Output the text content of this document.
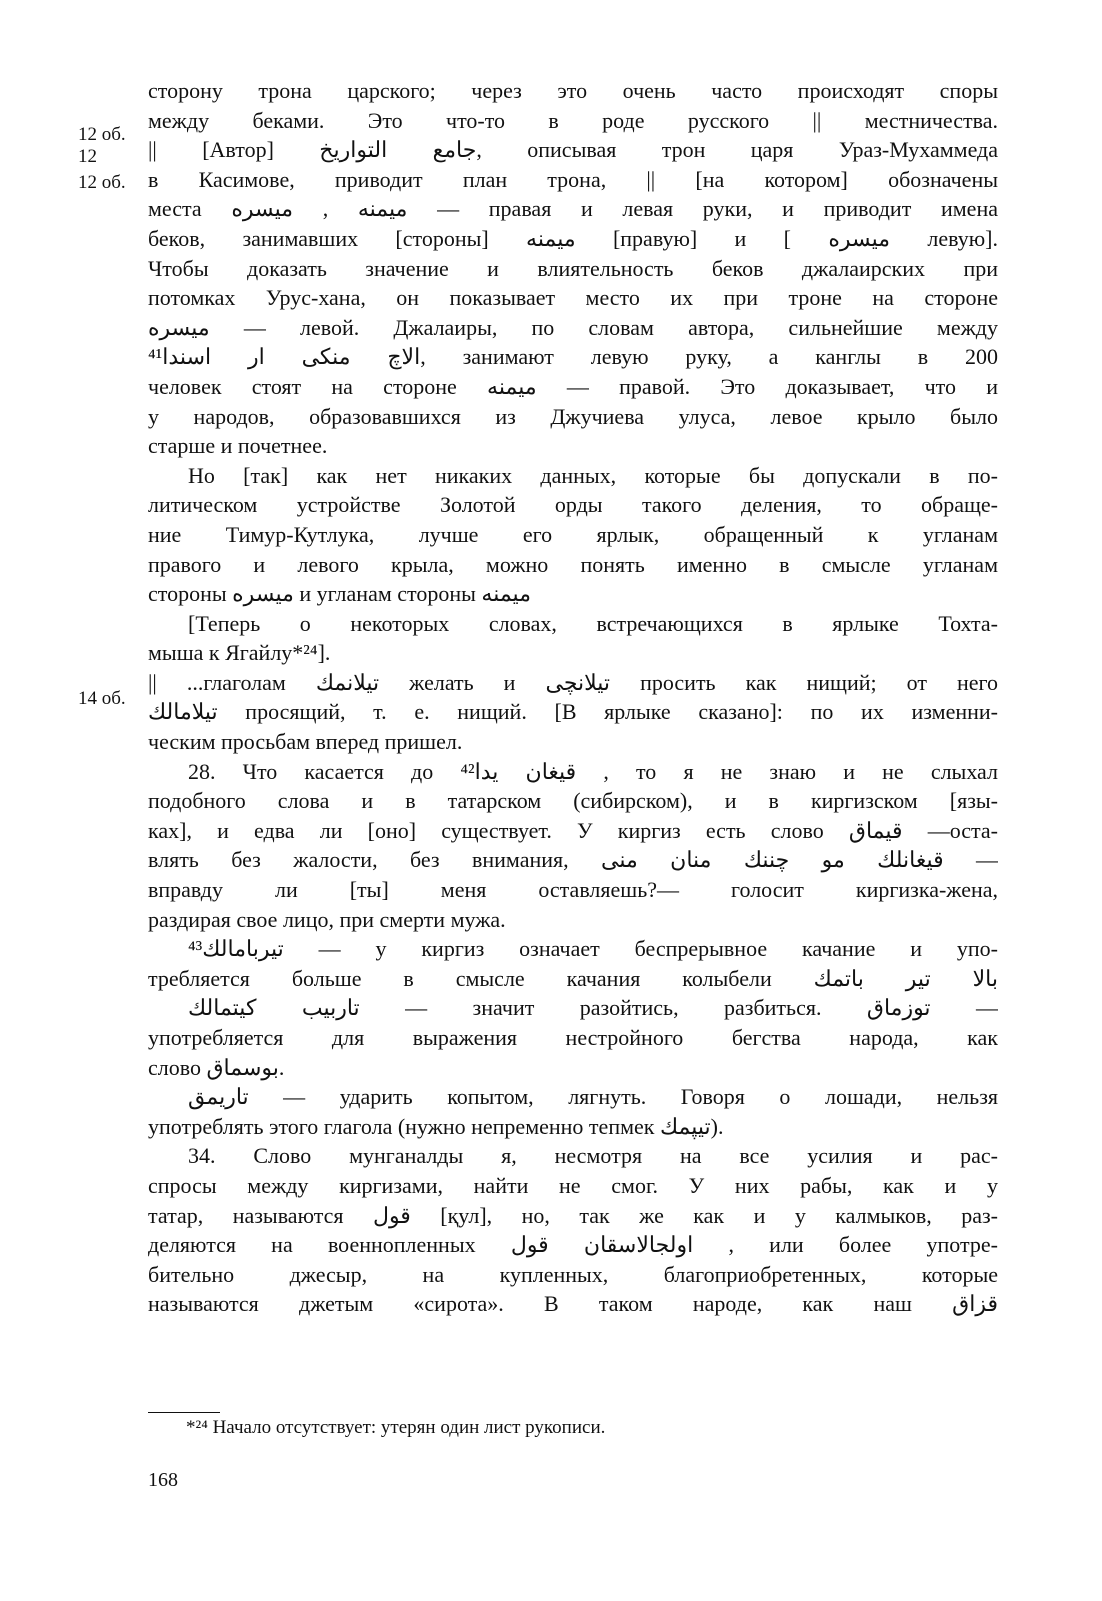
12 об.
12
12 об.
14 об.
сторону трона царского; через это очень часто происходят споры
между беками. Это что-то в роде русского || местничества.
|| [Автор] جامع التواریخ, описывая трон царя Ураз-Мухаммеда
в Касимове, приводит план трона, || [на котором] обозначены
места میمنه , میسره — правая и левая руки, и приводит имена
беков, занимавших [стороны] میمنه [правую] и [ میسره левую].
Чтобы доказать значение и влиятельность беков джалаирских при
потомках Урус-хана, он показывает место их при троне на стороне
میسره — левой. Джалаиры, по словам автора, сильнейшие между
الاچ منکی ار اسندا⁴¹, занимают левую руку, а канглы в 200
человек стоят на стороне میمنه — правой. Это доказывает, что и
у народов, образовавшихся из Джучиева улуса, левое крыло было
старше и почетнее.
Но [так] как нет никаких данных, которые бы допускали в по-
литическом устройстве Золотой орды такого деления, то обраще-
ние Тимур-Кутлука, лучше его ярлык, обращенный к угланам
правого и левого крыла, можно понять именно в смысле угланам
стороны میسره и угланам стороны میمنه
[Теперь о некоторых словах, встречающихся в ярлыке Тохта-
мыша к Ягайлу*²⁴].
|| ...глаголам تیلانمك желать и تیلانچی просить как нищий; от него
تیلامالك просящий, т. е. нищий. [В ярлыке сказано]: по их изменни-
ческим просьбам вперед пришел.
28. Что касается до قیغان یدا⁴² , то я не знаю и не слыхал
подобного слова и в татарском (сибирском), и в киргизском [язы-
ках], и едва ли [оно] существует. У киргиз есть слово قیماق —оста-
влять без жалости, без внимания, قیغانلك مو چننك منان منی —
вправду ли [ты] меня оставляешь?— голосит киргизка-жена,
раздирая свое лицо, при смерти мужа.
تیربامالك⁴³ — у киргиз означает беспрерывное качание и упо-
требляется больше в смысле качания колыбели بالا تیر باتمك
تاربیب کیتمالك — значит разойтись, разбиться. توزماق —
употребляется для выражения нестройного бегства народа, как
слово بوسماق.
تاریمق — ударить копытом, лягнуть. Говоря о лошади, нельзя
употреблять этого глагола (нужно непременно тепмек تیپمك).
34. Слово мунганалды я, несмотря на все усилия и рас-
спросы между киргизами, найти не смог. У них рабы, как и у
татар, называются قول [қул], но, так же как и у калмыков, раз-
деляются на военнопленных اولجالاسقان قول , или более употре-
бительно джесыр, на купленных, благоприобретенных, которые
называются джетым «сирота». В таком народе, как наш قزاق
*²⁴ Начало отсутствует: утерян один лист рукописи.
168
